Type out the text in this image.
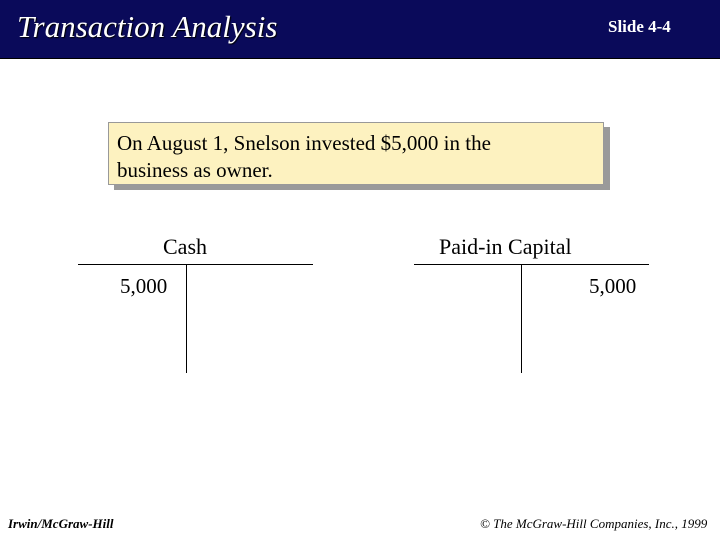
Transaction Analysis	Slide 4-4
On August 1, Snelson invested $5,000 in the
business as owner.
Cash
5,000
Paid-in Capital
5,000
Irwin/McGraw-Hill	© The McGraw-Hill Companies, Inc., 1999
